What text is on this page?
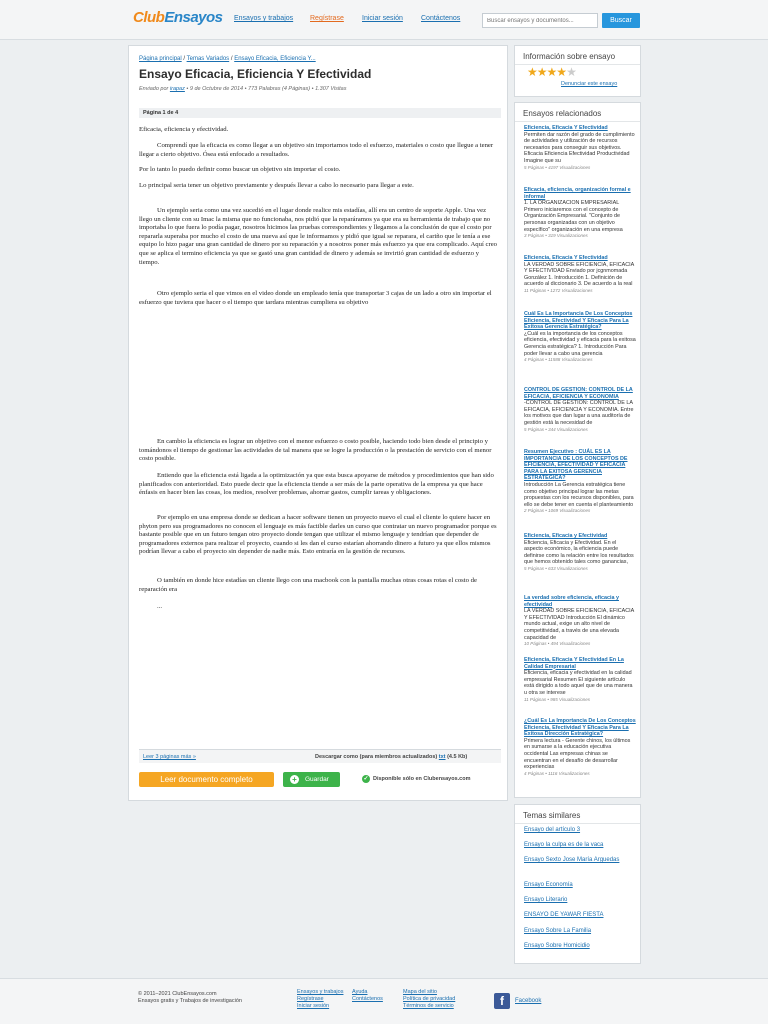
ClubEnsayos Ensayos y trabajos Regístrase	Iniciar sesión	Contáctenos
Buscar ensayos y documentos...	Buscar
Página principal / Temas Variados / Ensayo Eficacia, Eficiencia Y...
Ensayo Eficacia, Eficiencia Y Efectividad
Enviado por irapaz • 9 de Octubre de 2014 • 773 Palabras (4 Páginas) • 1.307 Visitas
Página 1 de 4

Eficacia, eficiencia y efectividad.

Comprendí que la eficacia es como llegar a un objetivo sin importarnos todo el esfuerzo, materiales o costo que llegue a tener llegar a cierto objetivo. Ósea está enfocado a resultados.

Por lo tanto lo puedo definir como buscar un objetivo sin importar el costo.

Lo principal seria tener un objetivo previamente y después llevar a cabo lo necesario para llegar a este.

Un ejemplo seria como una vez sucedió en el lugar donde realice mis estadías, allí era un centro de soporte Apple. Una vez llego un cliente con su Imac la misma que no funcionaba, nos pidió que la reparáramos ya que era su herramienta de trabajo que no importaba lo que fuera lo podía pagar, nosotros hicimos las pruebas correspondientes y llegamos a la conclusión de que el costo por repararla superaba por mucho el costo de una nueva así que le informamos y pidió que igual se reparara, el cariño que le tenía a ese equipo lo hizo pagar una gran cantidad de dinero por su reparación y a nosotros poner más esfuerzo ya que era complicado. Aquí creo que se aplica el termino eficiencia ya que se gastó una gran cantidad de dinero y además se invirtió gran cantidad de esfuerzo y tiempo.

Otro ejemplo seria el que vimos en el video donde un empleado tenía que transportar 3 cajas de un lado a otro sin importar el esfuerzo que tuviera que hacer o el tiempo que tardara mientras cumpliera su objetivo

En cambio la eficiencia es lograr un objetivo con el menor esfuerzo o costo posible, haciendo todo bien desde el principio y tomándonos el tiempo de gestionar las actividades de tal manera que se logre la producción o la prestación de servicio con el menor costo posible.

Entiendo que la eficiencia está ligada a la optimización ya que esta busca apoyarse de métodos y procedimientos que han sido planificados con anterioridad. Esto puede decir que la eficiencia tiende a ser más de la parte operativa de la empresa ya que hace énfasis en hacer bien las cosas, los medios, resolver problemas, ahorrar gastos, cumplir tareas y obligaciones.

Por ejemplo en una empresa donde se dedican a hacer software tienen un proyecto nuevo el cual el cliente lo quiere hacer en phyton pero sus programadores no conocen el lenguaje es más factible darles un curso que contratar un nuevo programador porque es bastante posible que en un futuro tengan otro proyecto donde tengan que utilizar el mismo lenguaje y tendrían que depender de programadores externos para realizar el proyecto, cuando si les dan el curso estarían ahorrando dinero a futuro ya que ellos mismos podrían llevar a cabo el proyecto sin depender de nadie más. Esto entraría en la gestión de recursos.

O también en donde hice estadías un cliente llego con una macbook con la pantalla muchas otras cosas rotas el costo de reparación era

...

Leer 3 páginas más »	Descargar como (para miembros actualizados) txt (4.5 Kb)
Leer documento completo	+	Guardar	✓ Disponible sólo en Clubensayos.com
Información sobre ensayo
★★★★★
Denunciar este ensayo
Ensayos relacionados
Eficiencia, Eficacia Y Efectividad
Permiten dar razón del grado de cumplimiento de actividades y utilización de recursos necesarios para conseguir sus objetivos. Eficacia Eficiencia Efectividad Productividad Imagine que su
5 Páginas • 4197 Visualizaciones
Eficacia, eficiencia, organización formal e informal
1. LA ORGANIZACION EMPRESARIAL Primero iniciaremos con el concepto de Organización Empresarial. "Conjunto de personas organizadas con un objetivo específico" organización en una empresa
3 Páginas • 319 Visualizaciones
Eficiencia, Eficacia Y Efectividad
LA VERDAD SOBRE EFICIENCIA, EFICACIA Y EFECTIVIDAD Enviado por jcgnmomada González 1. Introducción 1. Definición de acuerdo al diccionario 3. De acuerdo a la real
11 Páginas • 1272 Visualizaciones
Cuál Es La Importancia De Los Conceptos Eficiencia, Efectividad Y Eficacia Para La Exitosa Gerencia Estratégica?
¿Cuál es la importancia de los conceptos eficiencia, efectividad y eficacia para la exitosa Gerencia estratégica? 1. Introducción Para poder llevar a cabo una gerencia
4 Páginas • 11588 Visualizaciones
CONTROL DE GESTION: CONTROL DE LA EFICACIA, EFICIENCIA Y ECONOMIA
-CONTROL DE GESTION: CONTROL DE LA EFICACIA, EFICIENCIA Y ECONOMIA. Entre los motivos que dan lugar a una auditoría de gestión está la necesidad de
5 Páginas • 344 Visualizaciones
Resumen Ejecutivo : CUÁL ES LA IMPORTANCIA DE LOS CONCEPTOS DE EFICIENCIA, EFECTIVIDAD Y EFICACIA PARA LA EXITOSA GERENCIA ESTRATÉGICA?
Introducción La Gerencia estratégica tiene como objetivo principal lograr las metas propuestas con los recursos disponibles, para ello se debe tener en cuenta el planteamiento
2 Páginas • 1069 Visualizaciones
Eficiencia, Eficacia y Efectividad
Eficiencia, Eficacia y Efectividad. En el aspecto económico, la eficiencia puede definirse como la relación entre los resultados que hemos obtenido tales como ganancias,
5 Páginas • 633 Visualizaciones
La verdad sobre eficiencia, eficacia y efectividad
LA VERDAD SOBRE EFICIENCIA, EFICACIA Y EFECTIVIDAD Introducción El dinámico mundo actual, exige un alto nivel de competitividad, a través de una elevada capacidad de
10 Páginas • 494 Visualizaciones
Eficiencia, Eficacia Y Efectividad En La Calidad Empresarial
Eficiencia, eficacia y efectividad en la calidad empresarial Resumen El siguiente artículo está dirigido a todo aquel que de una manera u otra se interese
11 Páginas • 985 Visualizaciones
¿Cuál Es La Importancia De Los Conceptos Eficiencia, Efectividad Y Eficacia Para La Exitosa Dirección Estratégica?
Primera lectura - Gerente chinos, los últimos en sumarse a la educación ejecutiva occidental Las empresas chinas se encuentran en el desafío de desarrollar experiencias
4 Páginas • 1116 Visualizaciones
Temas similares
Ensayo del artículo 3
Ensayo la culpa es de la vaca
Ensayo Sexto Jose María Arguedas
Ensayo Economía
Ensayo Literario
ENSAYO DE YAWAR FIESTA
Ensayo Sobre La Familia
Ensayo Sobre Homicidio
© 2011–2021 ClubEnsayos.com
Ensayos gratis y Trabajos de investigación
Ensayos y trabajos
Regístrase
Iniciar sesión
Ayuda
Contáctenos
Mapa del sitio
Política de privacidad
Términos de servicio	f	Facebook
